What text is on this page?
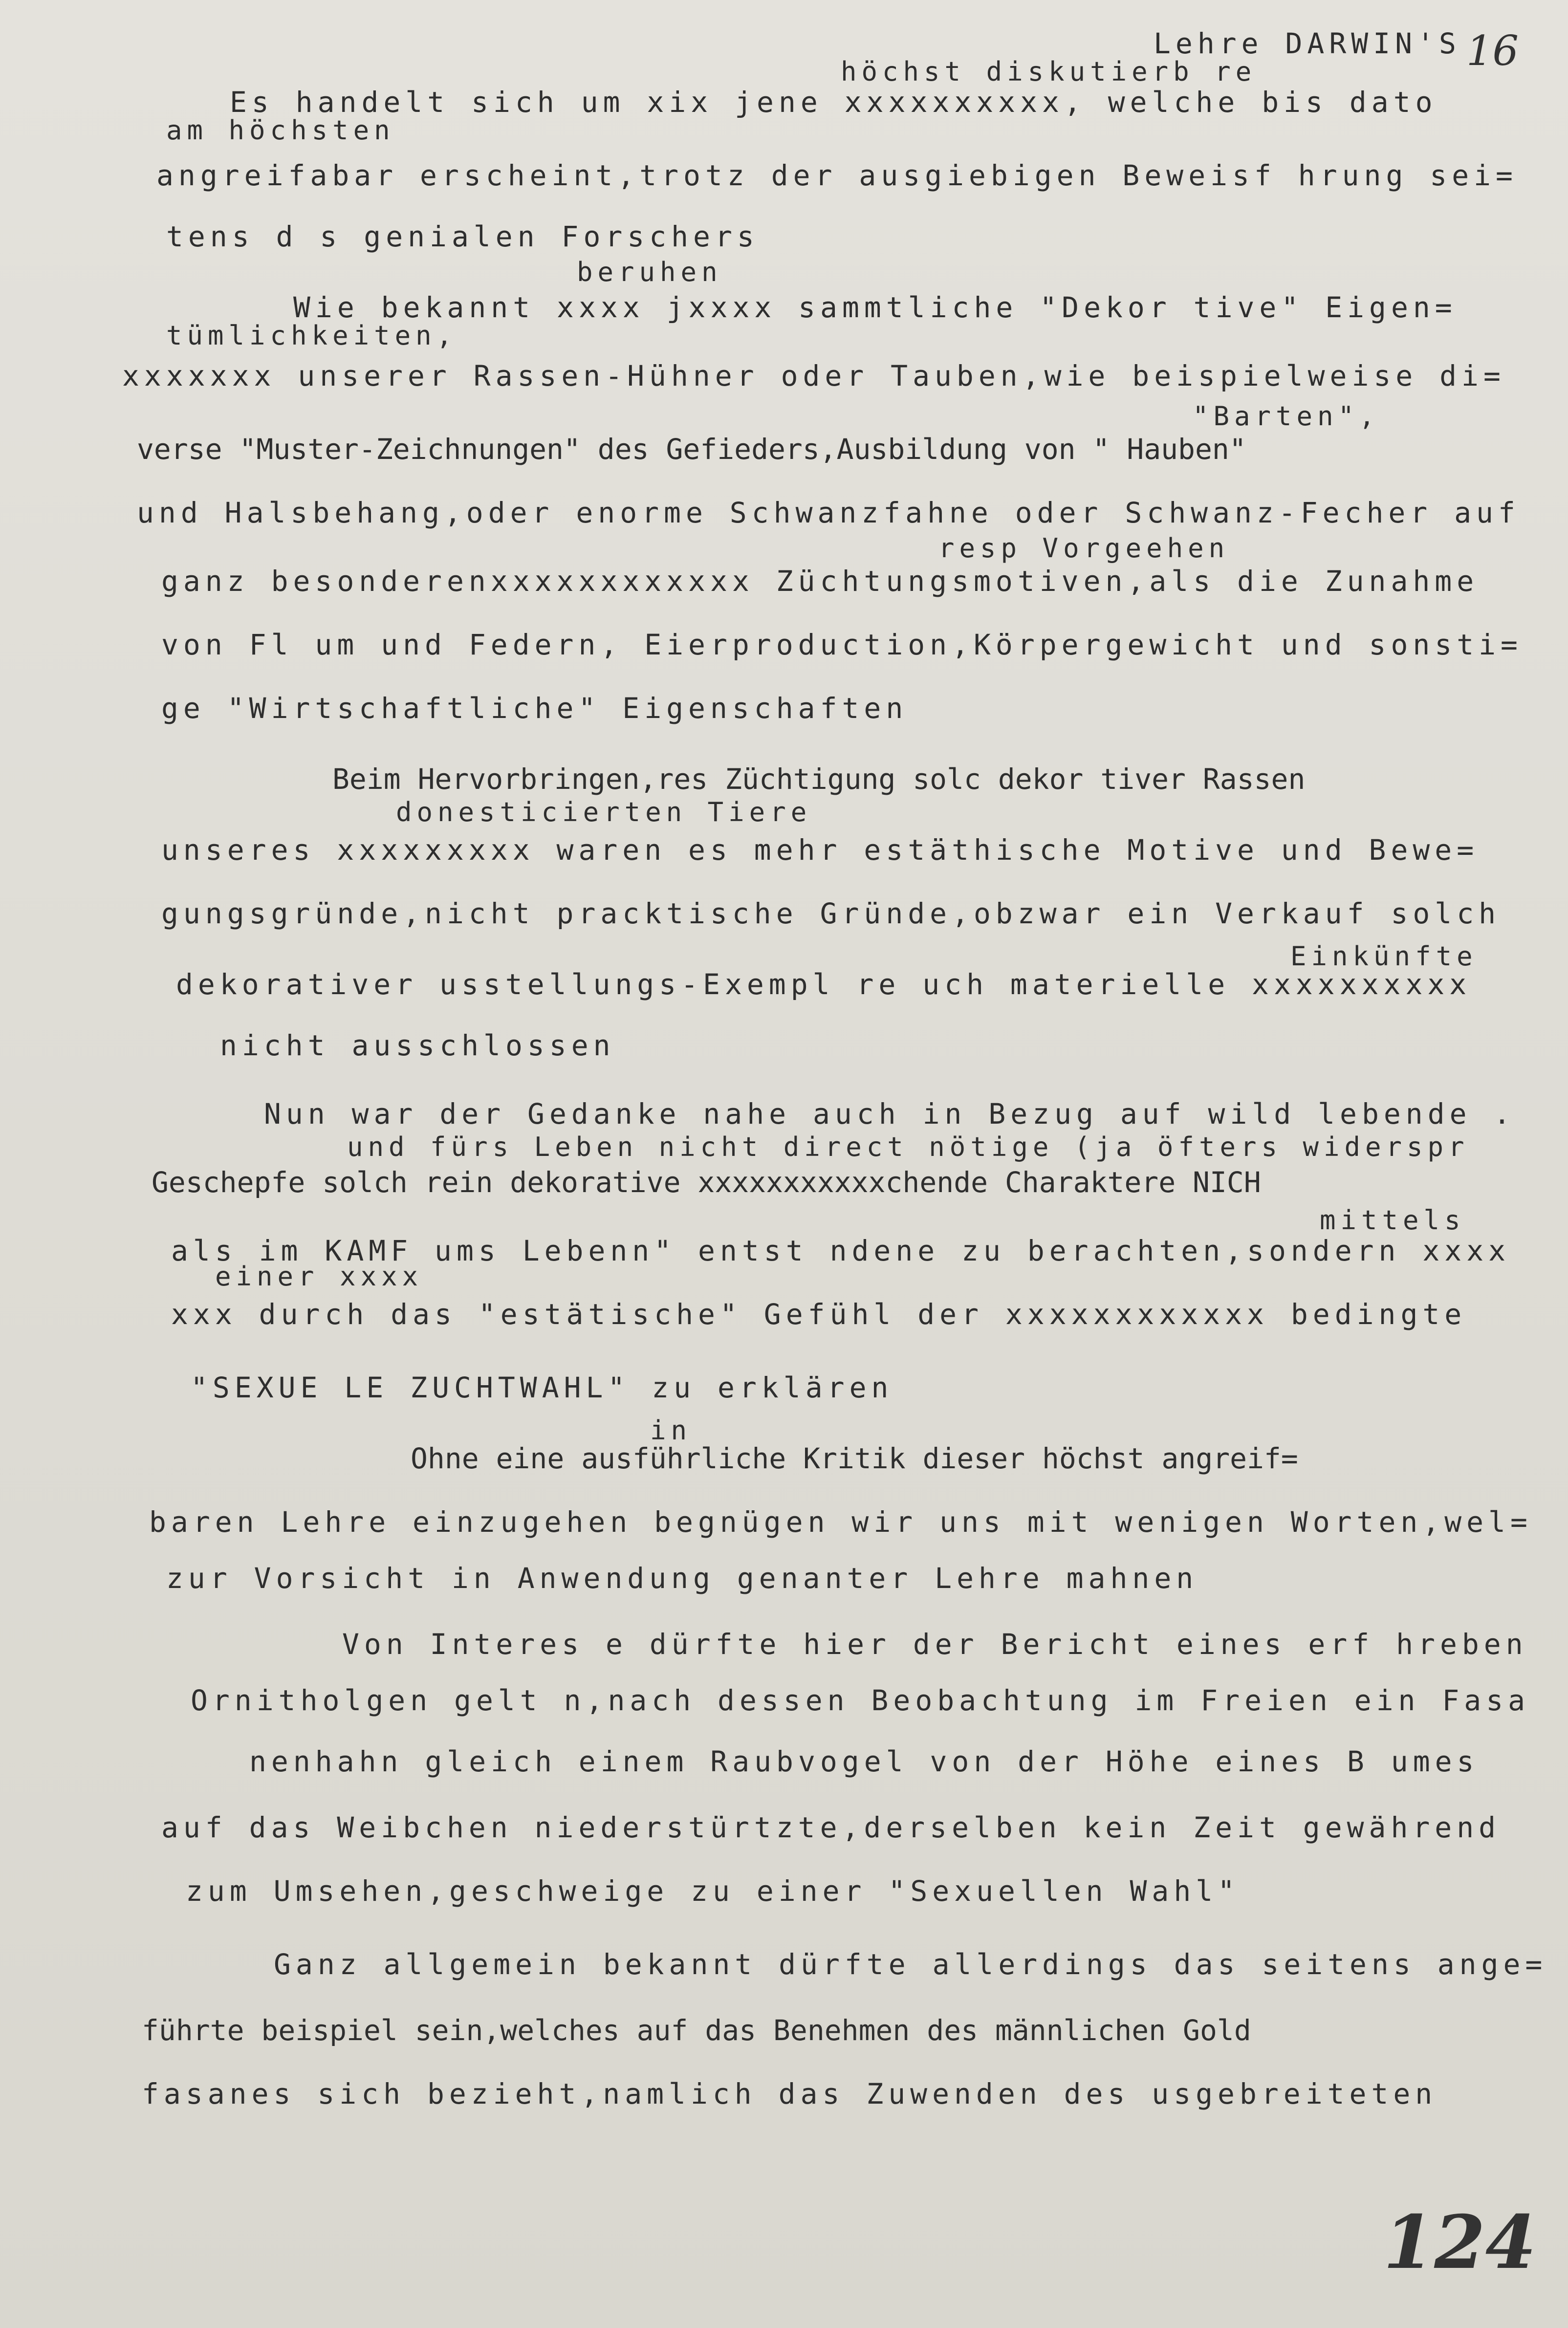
Lehre DARWIN'S 16
höchst diskutierb re
Es handelt sich um xix jene xxxxxxxxxx, welche bis dato
am höchsten
angreifabar erscheint,trotz der ausgiebigen Beweisf hrung sei=
tens d s genialen Forschers
beruhen
Wie bekannt xxxx jxxxx sammtliche "Dekor tive" Eigen=
tümlichkeiten,
xxxxxxx unserer Rassen-Hühner oder Tauben,wie beispielweise di=
"Barten",
verse "Muster-Zeichnungen" des Gefieders,Ausbildung von " Hauben"
und Halsbehang,oder enorme Schwanzfahne oder Schwanz-Fecher auf
resp Vorgeehen
ganz besonderenxxxxxxxxxxxx Züchtungsmotiven,als die Zunahme
von Fl um und Federn, Eierproduction,Körpergewicht und sonsti=
ge "Wirtschaftliche" Eigenschaften
Beim Hervorbringen,res Züchtigung solc dekor tiver Rassen
donesticierten Tiere
unseres xxxxxxxxx waren es mehr estäthische Motive und Bewe=
gungsgründe,nicht pracktische Gründe,obzwar ein Verkauf solch
Einkünfte
dekorativer usstellungs-Exempl re uch materielle xxxxxxxxxx
nicht ausschlossen
Nun war der Gedanke nahe auch in Bezug auf wild lebende .
und fürs Leben nicht direct nötige (ja öfters widerspr
Geschepfe solch rein dekorative xxxxxxxxxxxchende Charaktere NICH
mittels
als im KAMF ums Lebenn" entst ndene zu berachten,sondern xxxx
einer xxxx
xxx durch das "estätische" Gefühl der xxxxxxxxxxxx bedingte
"SEXUE LE ZUCHTWAHL" zu erklären
in
Ohne eine ausführliche Kritik dieser höchst angreif=
baren Lehre einzugehen begnügen wir uns mit wenigen Worten,wel=
zur Vorsicht in Anwendung genanter Lehre mahnen
Von Interes e dürfte hier der Bericht eines erf hreben
Ornitholgen gelt n,nach dessen Beobachtung im Freien ein Fasa
nenhahn gleich einem Raubvogel von der Höhe eines B umes
auf das Weibchen niederstürtzte,derselben kein Zeit gewährend
zum Umsehen,geschweige zu einer "Sexuellen Wahl"
Ganz allgemein bekannt dürfte allerdings das seitens ange=
führte beispiel sein,welches auf das Benehmen des männlichen Gold
fasanes sich bezieht,namlich das Zuwenden des usgebreiteten
124
